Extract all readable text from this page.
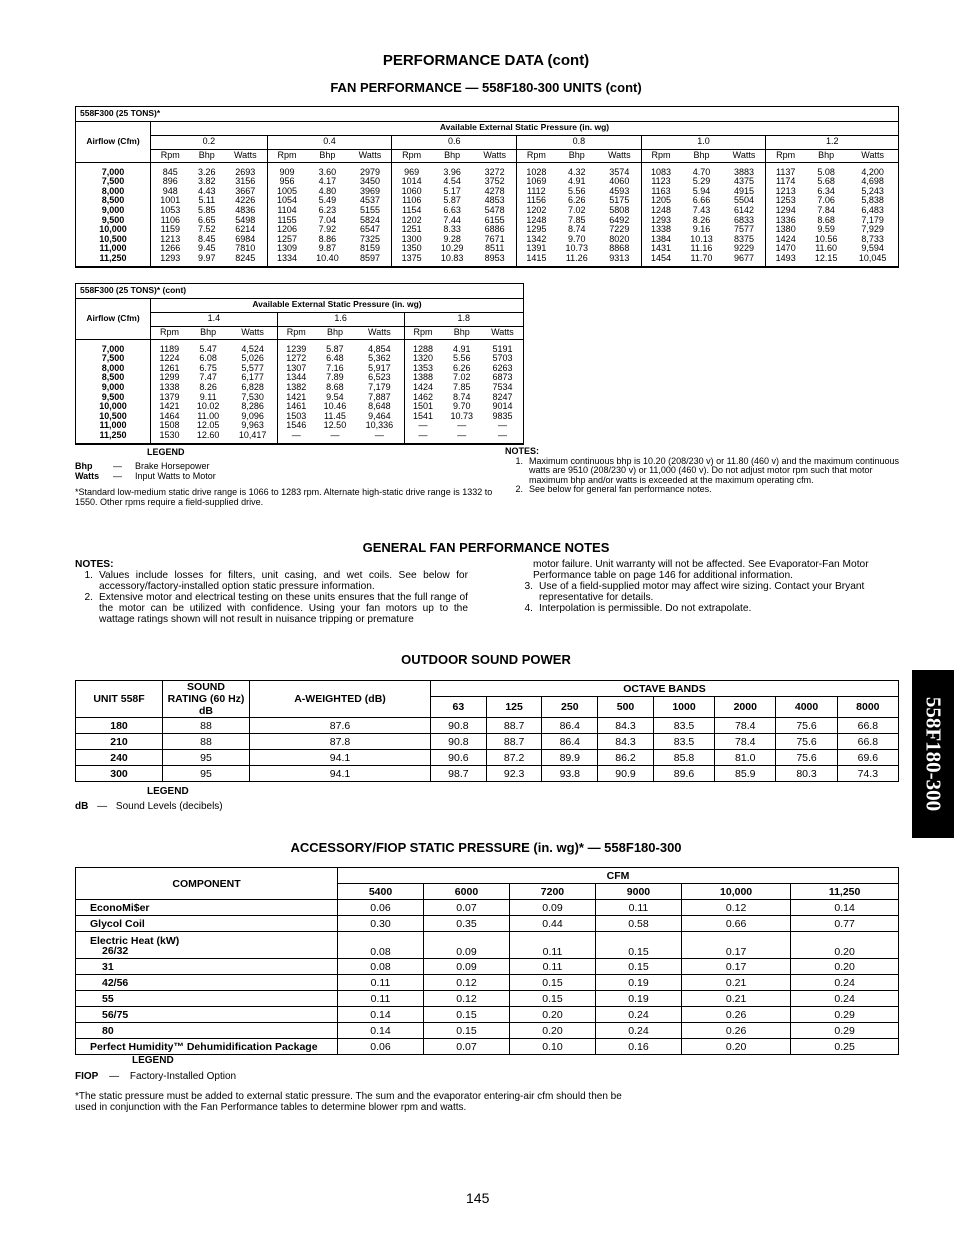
PERFORMANCE DATA (cont)
FAN PERFORMANCE — 558F180-300 UNITS (cont)
558F300 (25 TONS)*																		
Airflow (Cfm)	Available External Static Pressure (in. wg)																	
	0.2			0.4			0.6			0.8			1.0			1.2		
	Rpm	Bhp	Watts	Rpm	Bhp	Watts	Rpm	Bhp	Watts	Rpm	Bhp	Watts	Rpm	Bhp	Watts	Rpm	Bhp	Watts
7,000	845	3.26	2693	909	3.60	2979	969	3.96	3272	1028	4.32	3574	1083	4.70	3883	1137	5.08	4,200
7,500	896	3.82	3156	956	4.17	3450	1014	4.54	3752	1069	4.91	4060	1123	5.29	4375	1174	5.68	4,698
8,000	948	4.43	3667	1005	4.80	3969	1060	5.17	4278	1112	5.56	4593	1163	5.94	4915	1213	6.34	5,243
8,500	1001	5.11	4226	1054	5.49	4537	1106	5.87	4853	1156	6.26	5175	1205	6.66	5504	1253	7.06	5,838
9,000	1053	5.85	4836	1104	6.23	5155	1154	6.63	5478	1202	7.02	5808	1248	7.43	6142	1294	7.84	6,483
9,500	1106	6.65	5498	1155	7.04	5824	1202	7.44	6155	1248	7.85	6492	1293	8.26	6833	1336	8.68	7,179
10,000	1159	7.52	6214	1206	7.92	6547	1251	8.33	6886	1295	8.74	7229	1338	9.16	7577	1380	9.59	7,929
10,500	1213	8.45	6984	1257	8.86	7325	1300	9.28	7671	1342	9.70	8020	1384	10.13	8375	1424	10.56	8,733
11,000	1266	9.45	7810	1309	9.87	8159	1350	10.29	8511	1391	10.73	8868	1431	11.16	9229	1470	11.60	9,594
11,250	1293	9.97	8245	1334	10.40	8597	1375	10.83	8953	1415	11.26	9313	1454	11.70	9677	1493	12.15	10,045
558F300 (25 TONS)* (cont)									
Airflow (Cfm)	Available External Static Pressure (in. wg)								
	1.4			1.6			1.8		
	Rpm	Bhp	Watts	Rpm	Bhp	Watts	Rpm	Bhp	Watts
7,000	1189	5.47	4,524	1239	5.87	4,854	1288	4.91	5191
7,500	1224	6.08	5,026	1272	6.48	5,362	1320	5.56	5703
8,000	1261	6.75	5,577	1307	7.16	5,917	1353	6.26	6263
8,500	1299	7.47	6,177	1344	7.89	6,523	1388	7.02	6873
9,000	1338	8.26	6,828	1382	8.68	7,179	1424	7.85	7534
9,500	1379	9.11	7,530	1421	9.54	7,887	1462	8.74	8247
10,000	1421	10.02	8,286	1461	10.46	8,648	1501	9.70	9014
10,500	1464	11.00	9,096	1503	11.45	9,464	1541	10.73	9835
11,000	1508	12.05	9,963	1546	12.50	10,336	—	—	—
11,250	1530	12.60	10,417	—	—	—	—	—	—
LEGEND
Bhp	—	Brake Horsepower
Watts	—	Input Watts to Motor
*Standard low-medium static drive range is 1066 to 1283 rpm. Alternate high-static drive range is 1332 to 1550. Other rpms require a field-supplied drive.
NOTES:
1. Maximum continuous bhp is 10.20 (208/230 v) or 11.80 (460 v) and the maximum continuous watts are 9510 (208/230 v) or 11,000 (460 v). Do not adjust motor rpm such that motor maximum bhp and/or watts is exceeded at the maximum operating cfm.
2. See below for general fan performance notes.
GENERAL FAN PERFORMANCE NOTES
NOTES:
1. Values include losses for filters, unit casing, and wet coils. See below for accessory/factory-installed option static pressure information.
2. Extensive motor and electrical testing on these units ensures that the full range of the motor can be utilized with confidence. Using your fan motors up to the wattage ratings shown will not result in nuisance tripping or premature
motor failure. Unit warranty will not be affected. See Evaporator-Fan Motor Performance table on page 146 for additional information.
3. Use of a field-supplied motor may affect wire sizing. Contact your Bryant representative for details.
4. Interpolation is permissible. Do not extrapolate.
OUTDOOR SOUND POWER
UNIT 558F	SOUND RATING (60 Hz) dB	A-WEIGHTED (dB)	OCTAVE BANDS							
			63	125	250	500	1000	2000	4000	8000
180	88	87.6	90.8	88.7	86.4	84.3	83.5	78.4	75.6	66.8
210	88	87.8	90.8	88.7	86.4	84.3	83.5	78.4	75.6	66.8
240	95	94.1	90.6	87.2	89.9	86.2	85.8	81.0	75.6	69.6
300	95	94.1	98.7	92.3	93.8	90.9	89.6	85.9	80.3	74.3
LEGEND
dB — Sound Levels (decibels)
ACCESSORY/FIOP STATIC PRESSURE (in. wg)* — 558F180-300
COMPONENT	CFM					
	5400	6000	7200	9000	10,000	11,250
EconoMi$er	0.06	0.07	0.09	0.11	0.12	0.14
Glycol Coil	0.30	0.35	0.44	0.58	0.66	0.77

Electric Heat (kW)
26/32	0.08	0.09	0.11	0.15	0.17	0.20
31	0.08	0.09	0.11	0.15	0.17	0.20
42/56	0.11	0.12	0.15	0.19	0.21	0.24
55	0.11	0.12	0.15	0.19	0.21	0.24
56/75	0.14	0.15	0.20	0.24	0.26	0.29
80	0.14	0.15	0.20	0.24	0.26	0.29
Perfect Humidity™ Dehumidification Package	0.06	0.07	0.10	0.16	0.20	0.25
LEGEND
FIOP — Factory-Installed Option
*The static pressure must be added to external static pressure. The sum and the evaporator entering-air cfm should then be used in conjunction with the Fan Performance tables to determine blower rpm and watts.
558F180-300
145
